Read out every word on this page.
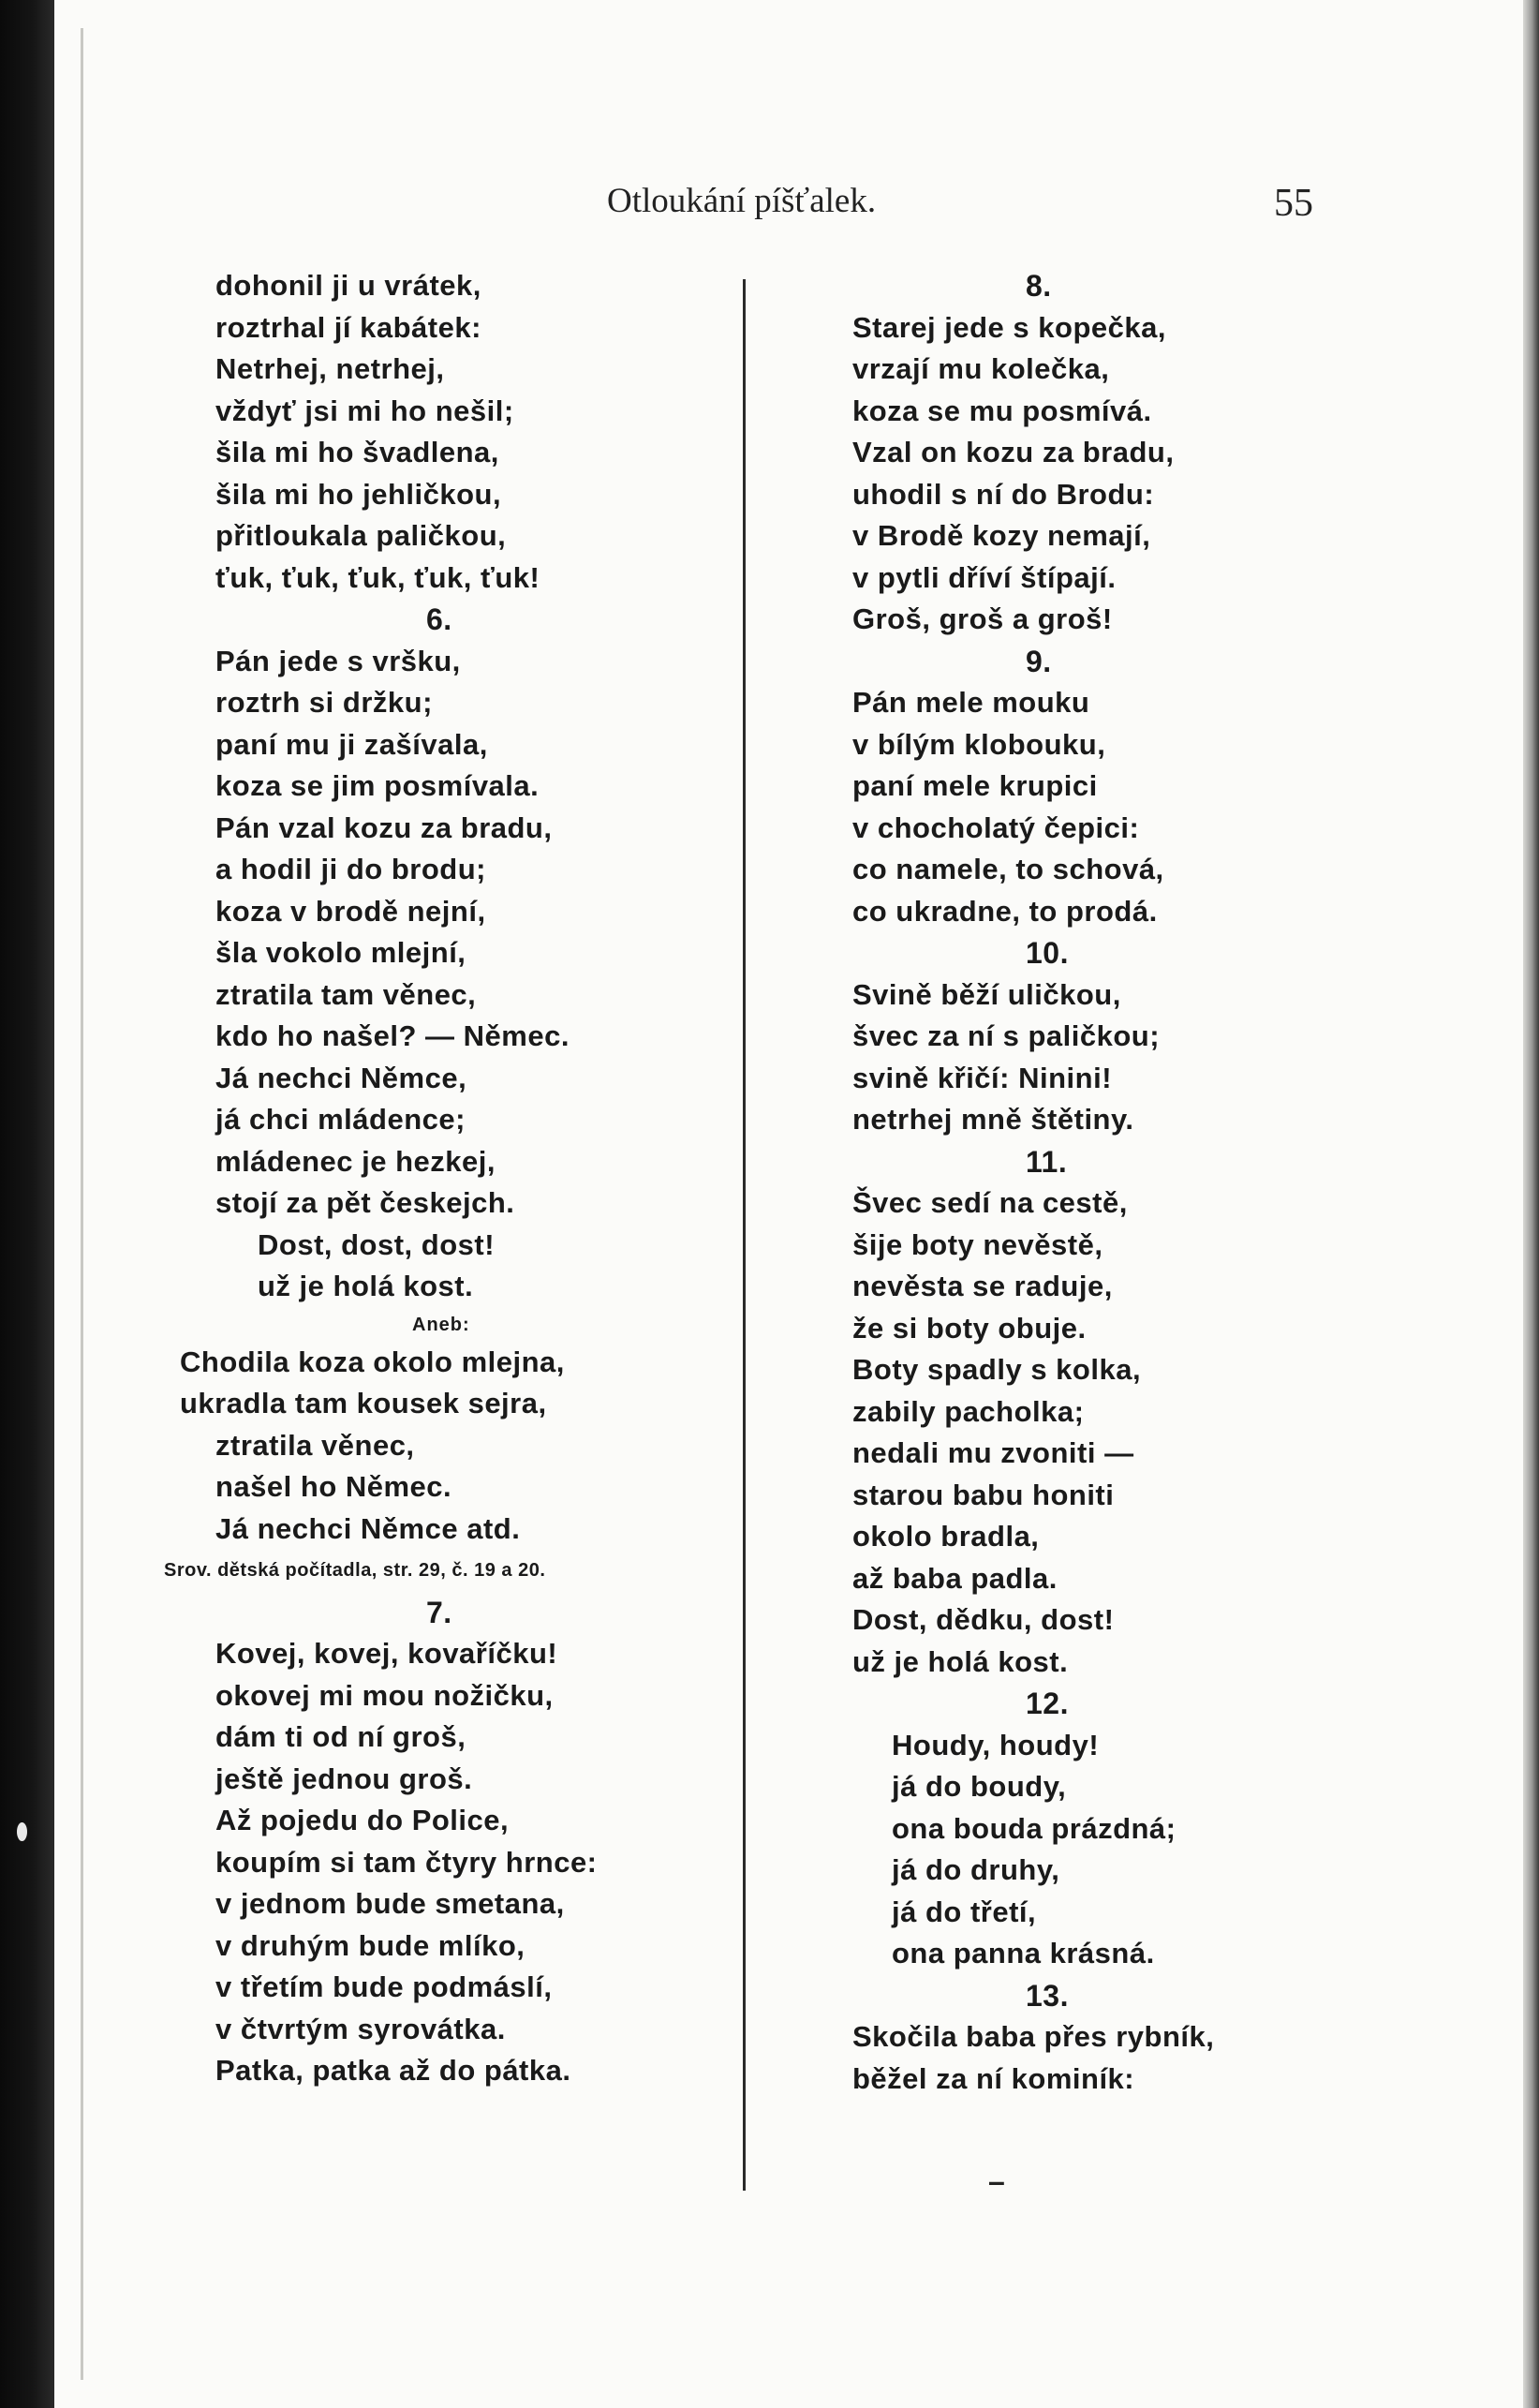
Otloukání píšťalek.	55
dohonil ji u vrátek,
roztrhal jí kabátek:
Netrhej, netrhej,
vždyť jsi mi ho nešil;
šila mi ho švadlena,
šila mi ho jehličkou,
přitloukala paličkou,
ťuk, ťuk, ťuk, ťuk, ťuk!
6.
Pán jede s vršku,
roztrh si držku;
paní mu ji zašívala,
koza se jim posmívala.
Pán vzal kozu za bradu,
a hodil ji do brodu;
koza v brodě nejní,
šla vokolo mlejní,
ztratila tam věnec,
kdo ho našel? — Němec.
Já nechci Němce,
já chci mládence;
mládenec je hezkej,
stojí za pět českejch.
Dost, dost, dost!
už je holá kost.
Aneb:
Chodila koza okolo mlejna,
ukradla tam kousek sejra,
ztratila věnec,
našel ho Němec.
Já nechci Němce atd.
Srov. dětská počítadla, str. 29, č. 19 a 20.
7.
Kovej, kovej, kovaříčku!
okovej mi mou nožičku,
dám ti od ní groš,
ještě jednou groš.
Až pojedu do Police,
koupím si tam čtyry hrnce:
v jednom bude smetana,
v druhým bude mlíko,
v třetím bude podmáslí,
v čtvrtým syrovátka.
Patka, patka až do pátka.
8.
Starej jede s kopečka,
vrzají mu kolečka,
koza se mu posmívá.
Vzal on kozu za bradu,
uhodil s ní do Brodu:
v Brodě kozy nemají,
v pytli dříví štípají.
Groš, groš a groš!
9.
Pán mele mouku
v bílým klobouku,
paní mele krupici
v chocholatý čepici:
co namele, to schová,
co ukradne, to prodá.
10.
Svině běží uličkou,
švec za ní s paličkou;
svině křičí: Ninini!
netrhej mně štětiny.
11.
Švec sedí na cestě,
šije boty nevěstě,
nevěsta se raduje,
že si boty obuje.
Boty spadly s kolka,
zabily pacholka;
nedali mu zvoniti —
starou babu honiti
okolo bradla,
až baba padla.
Dost, dědku, dost!
už je holá kost.
12.
Houdy, houdy!
já do boudy,
ona bouda prázdná;
já do druhy,
já do třetí,
ona panna krásná.
13.
Skočila baba přes rybník,
běžel za ní kominík:
–
